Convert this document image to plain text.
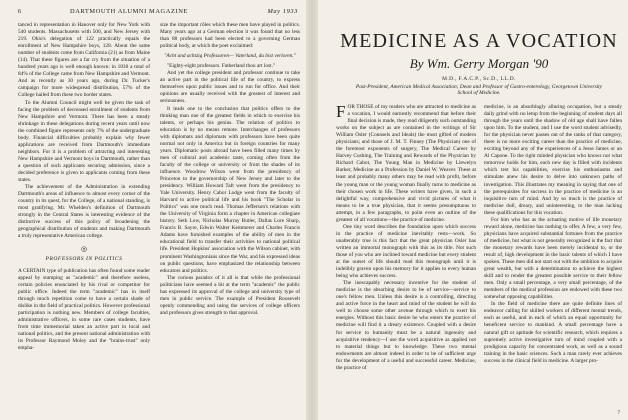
6	DARTMOUTH ALUMNI MAGAZINE	May 1933

tanced in representation in Hanover only for New York with 540 students. Massachusetts with 500, and New Jersey with 219. Ohio's delegation of 122 practically equals the enrollment of New Hampshire boys, 128. About the same number of students come from California (21) as from Maine (14). That these figures are a far cry from the situation of a hundred years ago is well enough known: in 1830 a total of 84% of the College came from New Hampshire and Vermont. And as recently as 30 years ago, during Dr. Tucker's campaign for more widespread distribution, 57% of the College hailed from these two border states.

To the Alumni Council might well be given the task of facing the problem of decreased enrollment of students from New Hampshire and Vermont. There has been a steady shrinkage in these delegations during recent years until now the combined figure represents only 7% of the undergraduate body. Financial difficulties probably explain why fewer applications are received from Dartmouth's immediate neighbors. For it is a problem of attracting and interesting New Hampshire and Vermont boys in Dartmouth, rather than a question of such applicants securing admission, since a decided preference is given to applicants coming from these states.

The achievement of the Administration in extending Dartmouth's areas of influence to almost every corner of the country in its quest, for the College, of a national standing, is most gratifying. Mr. Whelden's definition of Dartmouth strongly in the Central States is interesting evidence of the distinctive success of this policy of broadening the geographical distribution of students and making Dartmouth a truly representative American college.

◎
PROFESSORS IN POLITICS

A CERTAIN type of publication has often found some reader appeal by stamping as "academic" and therefore useless, certain policies enunciated by his rival or competitor for public office. Indeed the term "academic" has in itself through much repetition come to have a certain shade of dislike in the field of practical politics. However professional participation is nothing new. Members of college faculties, administrative officers, in some rare cases students, have from time immemorial taken an active part in local and national politics, and the present national administration with its Professor Raymond Moley and the "brains-trust" only empha-

size the important rôles which these men have played in politics. Many years ago at a German election it was found that no less than 88 professors had been elected to a governing German political body, at which the poet exclaimed:

"Acht und achtzig Professoren— Vaterland, du bist verloren."

"Eighty-eight professors. Fatherland thou art lost."

And yet the college president and professor continue to take an active part in the political life of the country, to express themselves upon public issues and to run for office. And their opinions are usually received with the greatest of interest and seriousness.

It leads one to the conclusion that politics offers to the thinking man one of the greatest fields in which to exercise his talents, or perhaps his genius. The relation of politics to education is by no means remote. Interchanges of professors with diplomats and diplomats with professors have been quite normal not only in America but in foreign countries for many years. Diplomatic posts abroad have been filled many times by men of cultural and academic taste, coming often from the faculty of the college or university or from the shades of its influence. Woodrow Wilson went from the presidency of Princeton to the governorship of New Jersey and later to the presidency. William Howard Taft went from the presidency to Yale University. Henry Cabot Lodge went from the faculty of Harvard to active political life and his book "The Scholar in Politics" was one much read. Thomas Jefferson's relations with the University of Virginia form a chapter in American collegiate history. Seth Low, Nicholas Murray Butler, Dallas Lore Sharp, Francis B. Sayre, Edwin Walter Kemmerer and Charles Francis Adams have furnished examples of the ability of men in the educational field to transfer their activities to national political life. President Hopkins' association with the Wilson cabinet, with prominent Washingtonians since the War, and his expressed ideas on public questions, have emphasized the relationship between educators and politics.

The curious paradox of it all is that while the professional politicians have seemed a bit at the term "academic" the public has expressed its approval of the college and university type of men in public service. The example of President Roosevelt openly commending and using the services of college officers and professors gives strength to that approval.

MEDICINE AS A VOCATION
By Wm. Gerry Morgan '90
M.D., F.A.C.P., Sc.D., LL.D.
Past-President, American Medical Association; Dean and Professor of Gastro-enterology, Georgetown University School of Medicine.

FOR THOSE of my readers who are attracted to medicine as a vocation, I would earnestly recommend that before their final decision is made, they read diligently such outstanding works on the subject as are contained in the writings of Sir William Osler (Counsels and Ideals) the most gifted of modern physicians; and those of J. M. T. Finney (The Physician) one of the foremost exponents of surgery, The Medical Career by Harvey Cushing, The Training and Rewards of the Physician by Richard Cabot, The Young Man in Medicine by Llewelyn Barker, Medicine as a Profession by Daniel W. Weaver. These at least and probably many others may be read with profit, before the young man or the young woman finally turns to medicine as their chosen work in life. These writers have given, in such a delightful way, comprehensive and vivid pictures of what it means to be a true physician, that it seems presumptuous to attempt, in a few paragraphs, to point even an outline of the greatest of all vocations—the practice of medicine.

One tiny word describes the foundation upon which success in the practice of medicine inevitably rests—work. So unalterably true is this fact that the great physician Osler has written an immortal monograph with this as its title. Not such those of you who are inclined toward medicine but every student at the outset of life should read this monograph until it is indelibly graven upon his memory for it applies to every human being who achieves success.

The inescapably necessary incentive for the student of medicine is the absorbing desire to be of service—service to one's fellow men. Unless this desire is a controlling, directing and active force in the heart and mind of the student he will do well to choose some other avenue through which to exert his energies. Without this basic desire he who enters the practice of medicine will find it a dreary existence. Coupled with a desire for service to humanity must be a natural ingenuity and acquisitive tendency—I use the word acquisitive as applied not to material things but to knowledge. These two mental endowments are almost indeed in order to be of sufficient urge for the development of a useful and successful career. Medicine, the practice of

medicine, is an absorbingly alluring occupation, but a steady daily grind with no letup from the beginning of student days all through the years until the shadow of old age shall have fallen upon him. To the student, and I use the word student advisedly, for the physician never passes out of the ranks of that category, there is no more exciting career than the practice of medicine, exciting beyond any of the experiences of a Jesse James or an Al Capone. To the right minded physician who knows not what tomorrow holds for him, each new day is filled with incidents which test his capabilities, exercise his enthusiasms and stimulate anew his desire to delve into unknown paths of investigation. This illustrates my meaning in saying that one of the prerequisites for success in the practice of medicine is an inquisitive turn of mind. And by so much is the practice of medicine dull, dreary, and uninteresting, to the man lacking these qualifications for this vocation.

For him who has as the actuating motive of life monetary reward alone, medicine has nothing to offer. A few, a very few, physicians have acquired substantial fortunes from the practice of medicine, but what is not generally recognized is the fact that the monetary rewards have been merely incidental to, or the result of, high development in the basic talents of which I have spoken. These men did not start out with the ambition to acquire great wealth, but with a determination to achieve the highest skill and to render the greatest possible service to their fellow men. Only a small percentage, a very small percentage, of the members of the medical profession are endowed with these two somewhat opposing capabilities.

In the field of medicine there are quite definite lines of endeavor calling for skilled workers of different mental trends, each as useful, and in each of which an equal opportunity for beneficent service to mankind. A small percentage have a natural gift or aptitude for scientific research, which requires a supremely active investigative turn of mind coupled with a prodigious capacity for concentrated work, as well as a sound training in the basic sciences. Such a man rarely ever achieves success in the clinical field in medicine. A larger pro-

7
